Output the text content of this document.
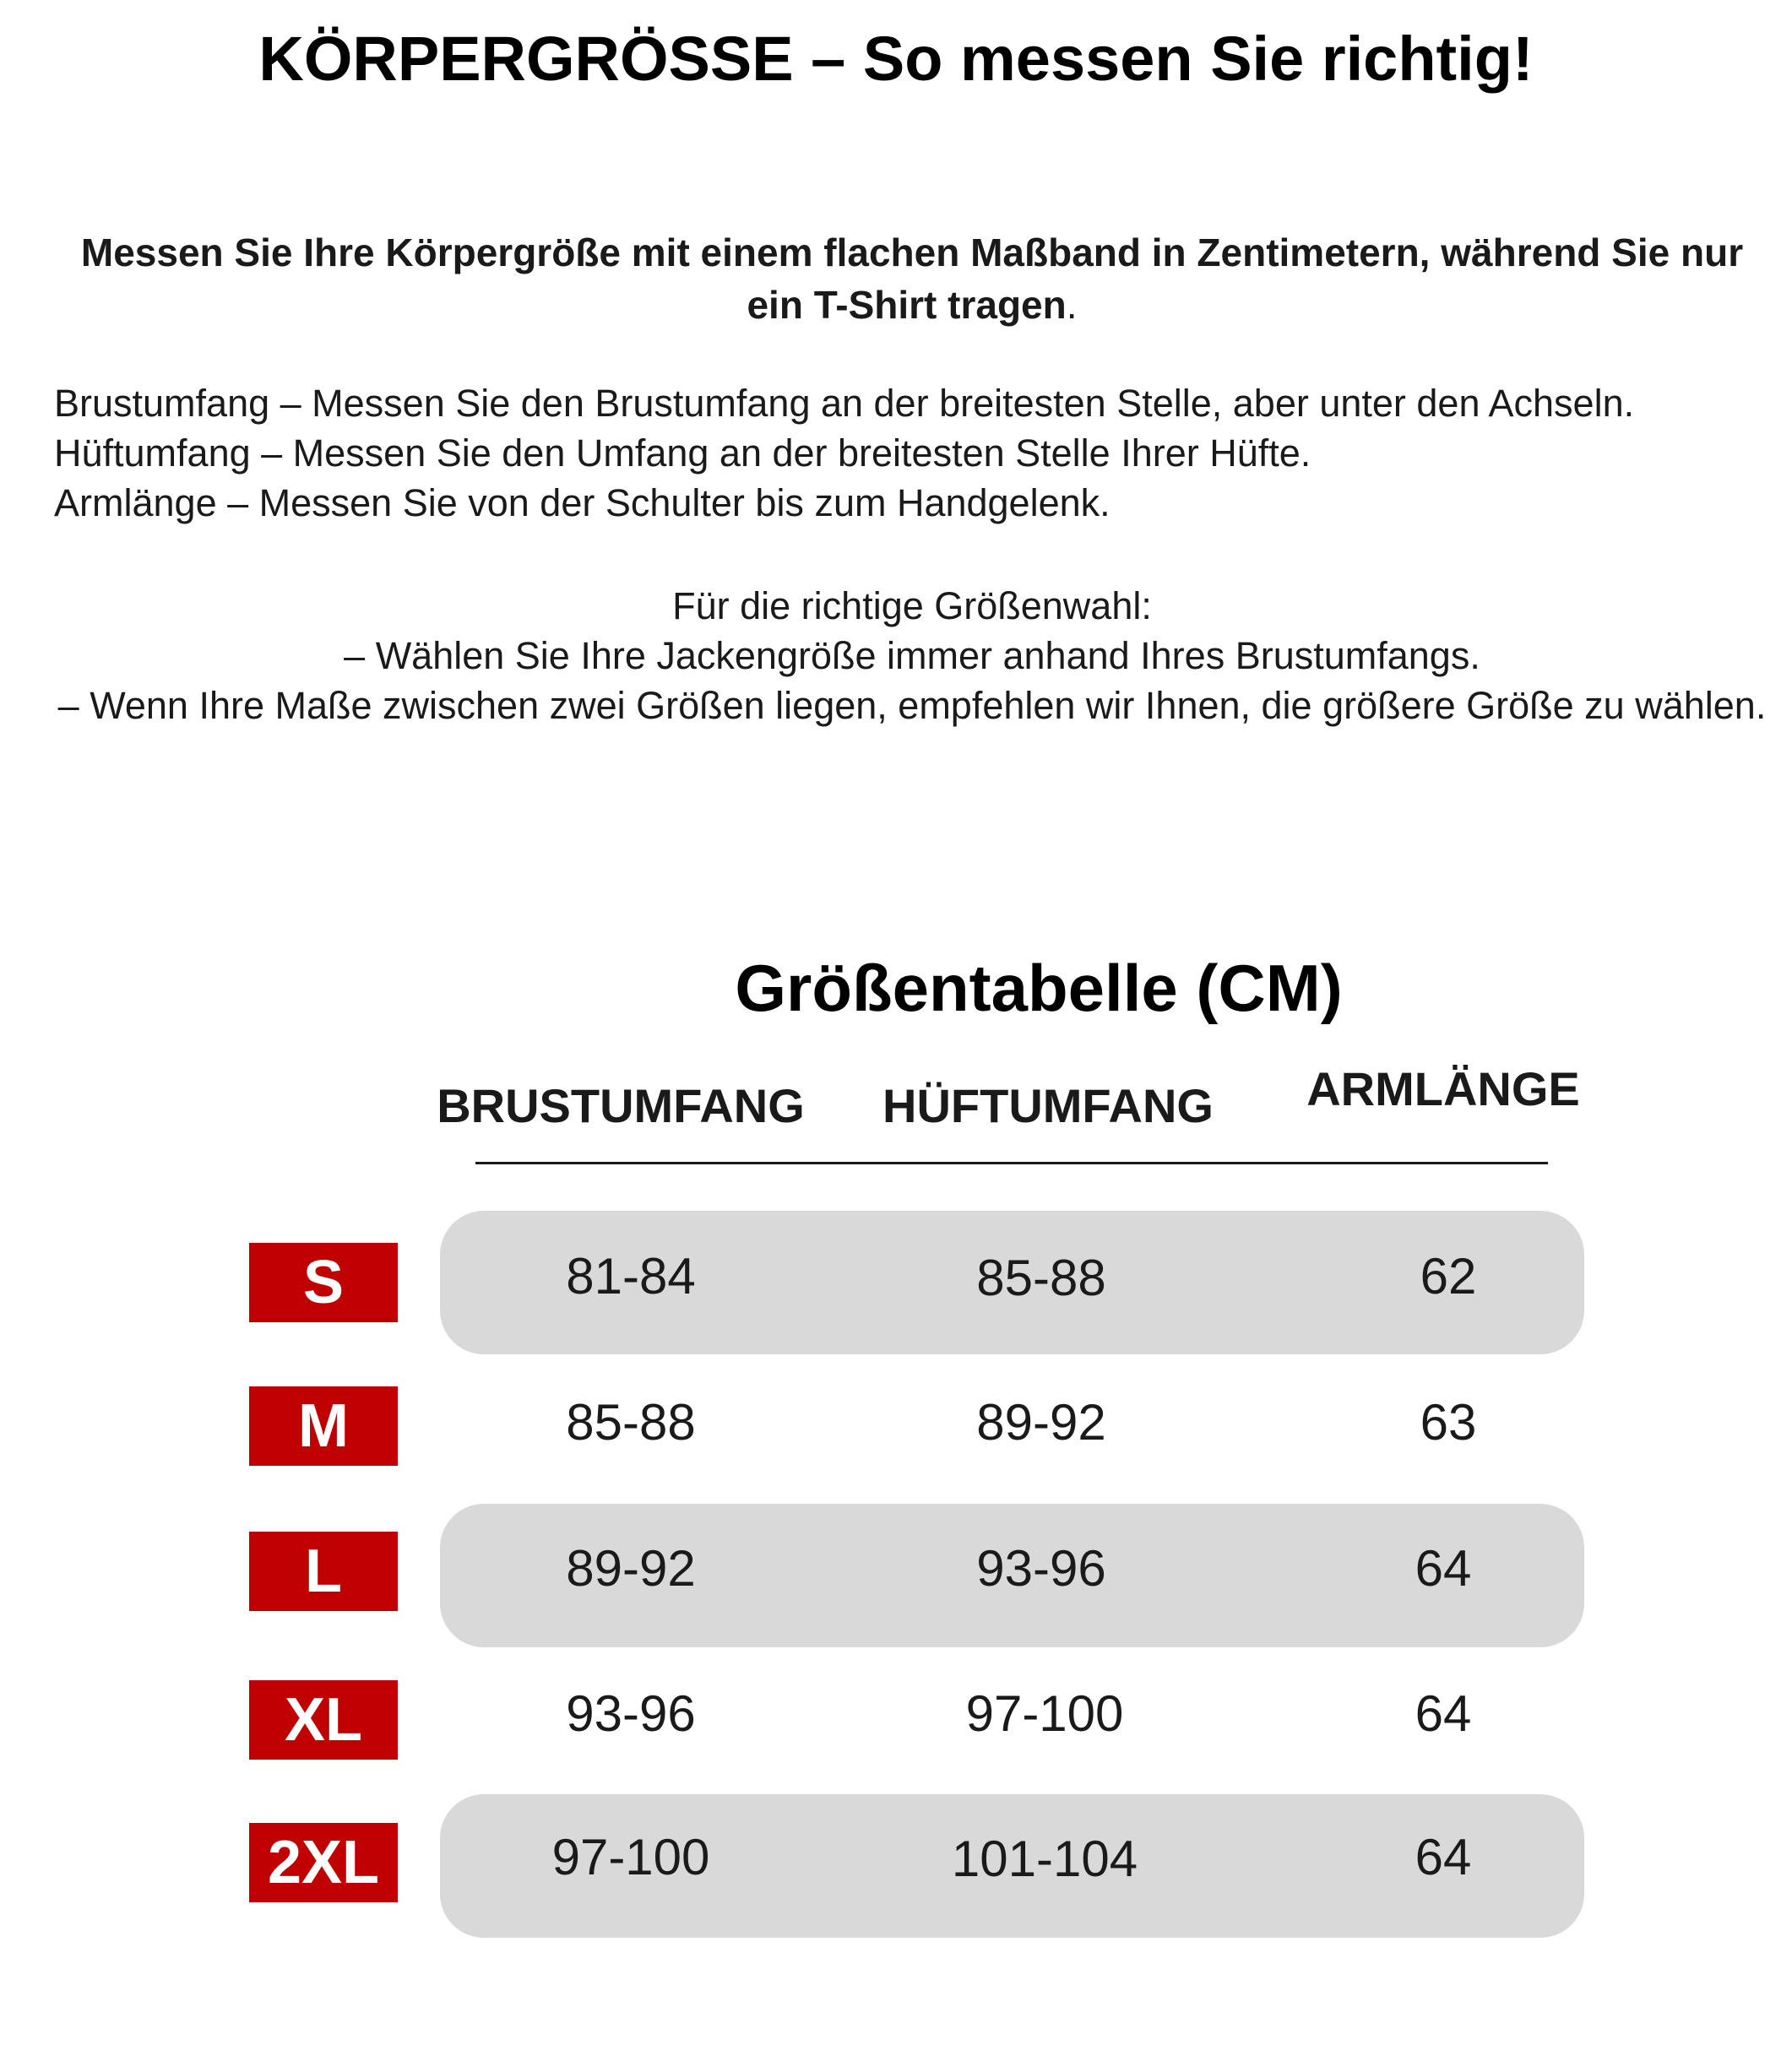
KÖRPERGRÖSSE – So messen Sie richtig!
Messen Sie Ihre Körpergröße mit einem flachen Maßband in Zentimetern, während Sie nur ein T-Shirt tragen.
Brustumfang – Messen Sie den Brustumfang an der breitesten Stelle, aber unter den Achseln.
Hüftumfang – Messen Sie den Umfang an der breitesten Stelle Ihrer Hüfte.
Armlänge – Messen Sie von der Schulter bis zum Handgelenk.
Für die richtige Größenwahl:
– Wählen Sie Ihre Jackengröße immer anhand Ihres Brustumfangs.
– Wenn Ihre Maße zwischen zwei Größen liegen, empfehlen wir Ihnen, die größere Größe zu wählen.
Größentabelle (CM)
BRUSTUMFANG	HÜFTUMFANG	ARMLÄNGE
S	81-84	85-88	62
M	85-88	89-92	63
L	89-92	93-96	64
XL	93-96	97-100	64
2XL	97-100	101-104	64
